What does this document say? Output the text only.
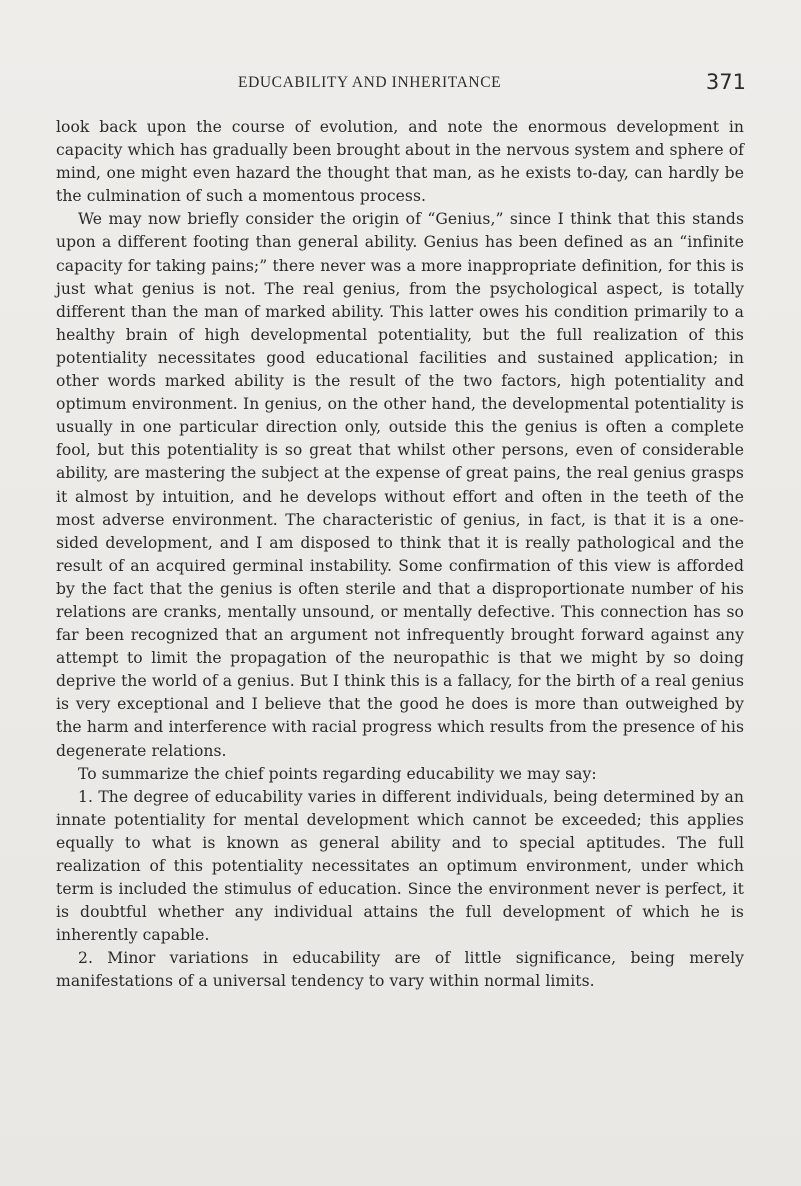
EDUCABILITY AND INHERITANCE	371

look back upon the course of evolution, and note the enormous development in capacity which has gradually been brought about in the nervous system and sphere of mind, one might even hazard the thought that man, as he exists to-day, can hardly be the culmination of such a momentous process.

We may now briefly consider the origin of “Genius,” since I think that this stands upon a different footing than general ability. Genius has been defined as an “infinite capacity for taking pains;” there never was a more inappropriate definition, for this is just what genius is not. The real genius, from the psychological aspect, is totally different than the man of marked ability. This latter owes his condition primarily to a healthy brain of high developmental potentiality, but the full realization of this potentiality necessitates good educational facilities and sustained application; in other words marked ability is the result of the two factors, high potentiality and optimum environment. In genius, on the other hand, the developmental potentiality is usually in one particular direction only, outside this the genius is often a complete fool, but this potentiality is so great that whilst other persons, even of considerable ability, are mastering the subject at the expense of great pains, the real genius grasps it almost by intuition, and he develops without effort and often in the teeth of the most adverse environment. The characteristic of genius, in fact, is that it is a one-sided development, and I am disposed to think that it is really pathological and the result of an acquired germinal instability. Some confirmation of this view is afforded by the fact that the genius is often sterile and that a disproportionate number of his relations are cranks, mentally unsound, or mentally defective. This connection has so far been recognized that an argument not infrequently brought forward against any attempt to limit the propagation of the neuropathic is that we might by so doing deprive the world of a genius. But I think this is a fallacy, for the birth of a real genius is very exceptional and I believe that the good he does is more than outweighed by the harm and interference with racial progress which results from the presence of his degenerate relations.

To summarize the chief points regarding educability we may say:

1. The degree of educability varies in different individuals, being determined by an innate potentiality for mental development which cannot be exceeded; this applies equally to what is known as general ability and to special aptitudes. The full realization of this potentiality necessitates an optimum environment, under which term is included the stimulus of education. Since the environment never is perfect, it is doubtful whether any individual attains the full development of which he is inherently capable.

2. Minor variations in educability are of little significance, being merely manifestations of a universal tendency to vary within normal limits.
